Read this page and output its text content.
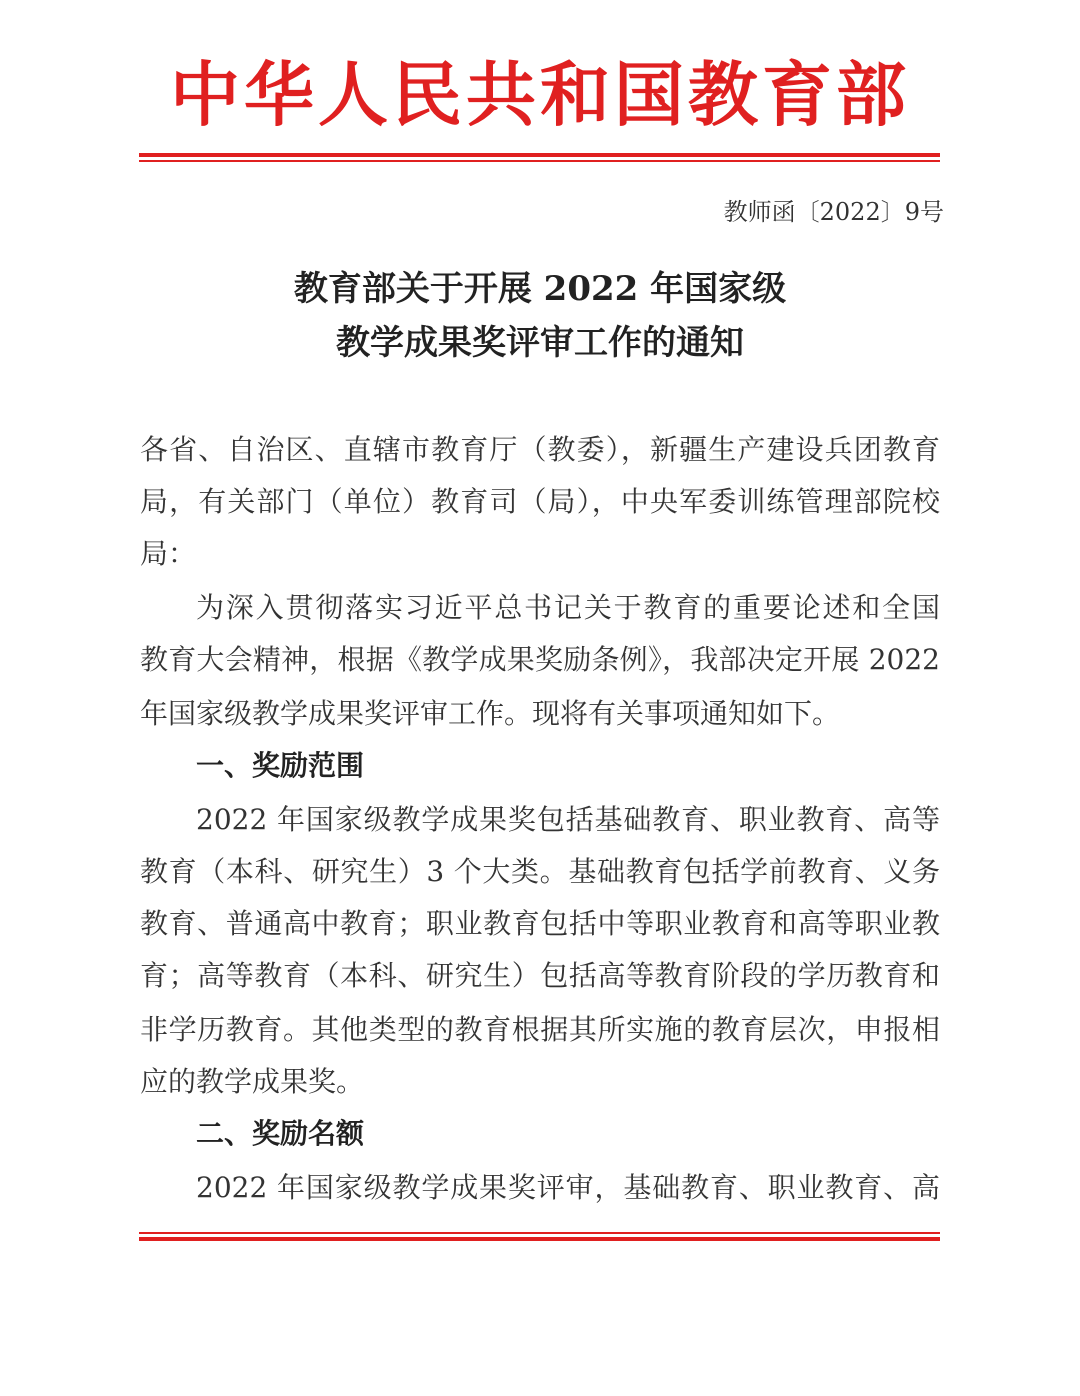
中华人民共和国教育部
教师函〔2022〕9号
教育部关于开展 2022 年国家级
教学成果奖评审工作的通知
各省、自治区、直辖市教育厅（教委），新疆生产建设兵团教育
局，有关部门（单位）教育司（局），中央军委训练管理部院校
局：
为深入贯彻落实习近平总书记关于教育的重要论述和全国
教育大会精神，根据《教学成果奖励条例》，我部决定开展 2022
年国家级教学成果奖评审工作。现将有关事项通知如下。
一、奖励范围
2022 年国家级教学成果奖包括基础教育、职业教育、高等
教育（本科、研究生）3 个大类。基础教育包括学前教育、义务
教育、普通高中教育；职业教育包括中等职业教育和高等职业教
育；高等教育（本科、研究生）包括高等教育阶段的学历教育和
非学历教育。其他类型的教育根据其所实施的教育层次，申报相
应的教学成果奖。
二、奖励名额
2022 年国家级教学成果奖评审，基础教育、职业教育、高
